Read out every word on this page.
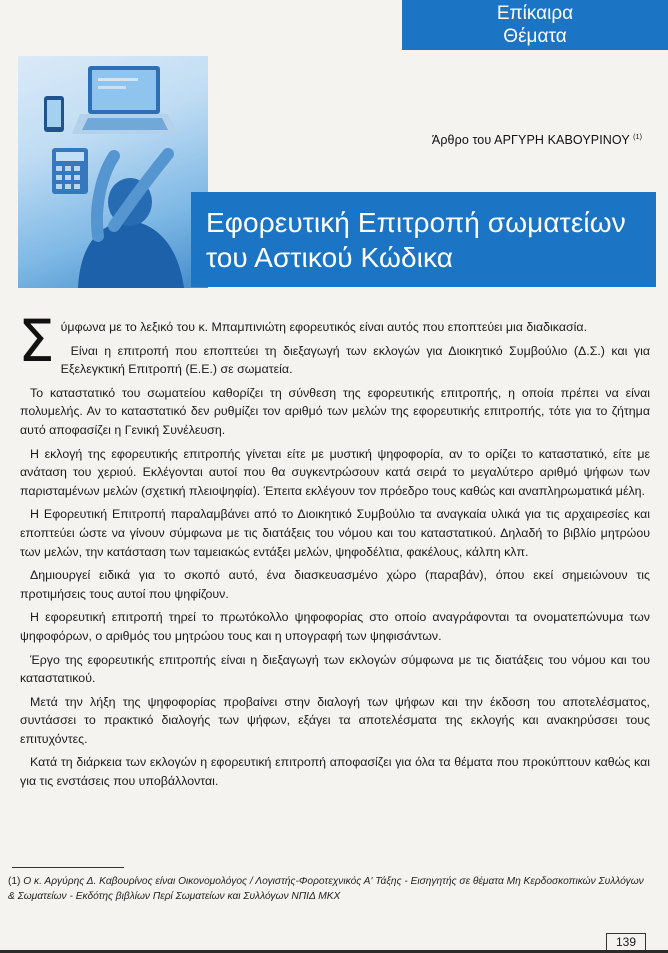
Επίκαιρα
Θέματα
Άρθρο του ΑΡΓΥΡΗ ΚΑΒΟΥΡΙΝΟΥ $^{(1)}$
Εφορευτική Επιτροπή σωματείων
του Αστικού Κώδικα

Σύμφωνα με το λεξικό του κ. Μπαμπινιώτη εφορευτικός είναι αυτός που εποπτεύει μια διαδικασία.

Είναι η επιτροπή που εποπτεύει τη διεξαγωγή των εκλογών για Διοικητικό Συμβούλιο (Δ.Σ.) και για Εξελεγκτική Επιτροπή (Ε.Ε.) σε σωματεία.

Το καταστατικό του σωματείου καθορίζει τη σύνθεση της εφορευτικής επιτροπής, η οποία πρέπει να είναι πολυμελής. Αν το καταστατικό δεν ρυθμίζει τον αριθμό των μελών της εφορευτικής επιτροπής, τότε για το ζήτημα αυτό αποφασίζει η Γενική Συνέλευση.

Η εκλογή της εφορευτικής επιτροπής γίνεται είτε με μυστική ψηφοφορία, αν το ορίζει το καταστατικό, είτε με ανάταση του χεριού. Εκλέγονται αυτοί που θα συγκεντρώσουν κατά σειρά το μεγαλύτερο αριθμό ψήφων των παρισταμένων μελών (σχετική πλειοψηφία). Έπειτα εκλέγουν τον πρόεδρο τους καθώς και αναπληρωματικά μέλη.

Η Εφορευτική Επιτροπή παραλαμβάνει από το Διοικητικό Συμβούλιο τα αναγκαία υλικά για τις αρχαιρεσίες και εποπτεύει ώστε να γίνουν σύμφωνα με τις διατάξεις του νόμου και του καταστατικού. Δηλαδή το βιβλίο μητρώου των μελών, την κατάσταση των ταμειακώς εντάξει μελών, ψηφοδέλτια, φακέλους, κάλπη κλπ.

Δημιουργεί ειδικά για το σκοπό αυτό, ένα διασκευασμένο χώρο (παραβάν), όπου εκεί σημειώνουν τις προτιμήσεις τους αυτοί που ψηφίζουν.

Η εφορευτική επιτροπή τηρεί το πρωτόκολλο ψηφοφορίας στο οποίο αναγράφονται τα ονοματεπώνυμα των ψηφοφόρων, ο αριθμός του μητρώου τους και η υπογραφή των ψηφισάντων.

Έργο της εφορευτικής επιτροπής είναι η διεξαγωγή των εκλογών σύμφωνα με τις διατάξεις του νόμου και του καταστατικού.

Μετά την λήξη της ψηφοφορίας προβαίνει στην διαλογή των ψήφων και την έκδοση του αποτελέσματος, συντάσσει το πρακτικό διαλογής των ψήφων, εξάγει τα αποτελέσματα της εκλογής και ανακηρύσσει τους επιτυχόντες.

Κατά τη διάρκεια των εκλογών η εφορευτική επιτροπή αποφασίζει για όλα τα θέματα που προκύπτουν καθώς και για τις ενστάσεις που υποβάλλονται.

(1) Ο κ. Αργύρης Δ. Καβουρίνος είναι Οικονομολόγος / Λογιστής-Φοροτεχνικός Α' Τάξης - Εισηγητής σε θέματα Μη Κερδοσκοπικών Συλλόγων & Σωματείων - Εκδότης βιβλίων Περί Σωματείων και Συλλόγων ΝΠΙΔ ΜΚΧ
139
